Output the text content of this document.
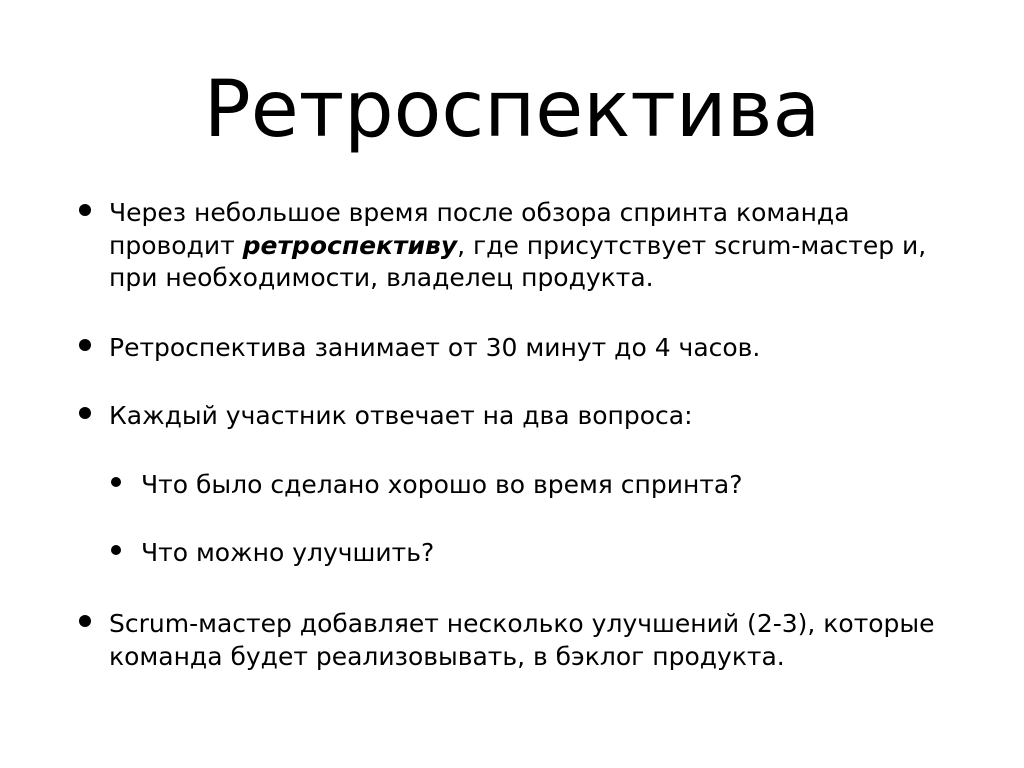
Ретроспектива

Через небольшое время после обзора спринта команда проводит ретроспективу, где присутствует scrum-мастер и, при необходимости, владелец продукта.

Ретроспектива занимает от 30 минут до 4 часов.

Каждый участник отвечает на два вопроса:

Что было сделано хорошо во время спринта?

Что можно улучшить?

Scrum-мастер добавляет несколько улучшений (2-3), которые команда будет реализовывать, в бэклог продукта.
